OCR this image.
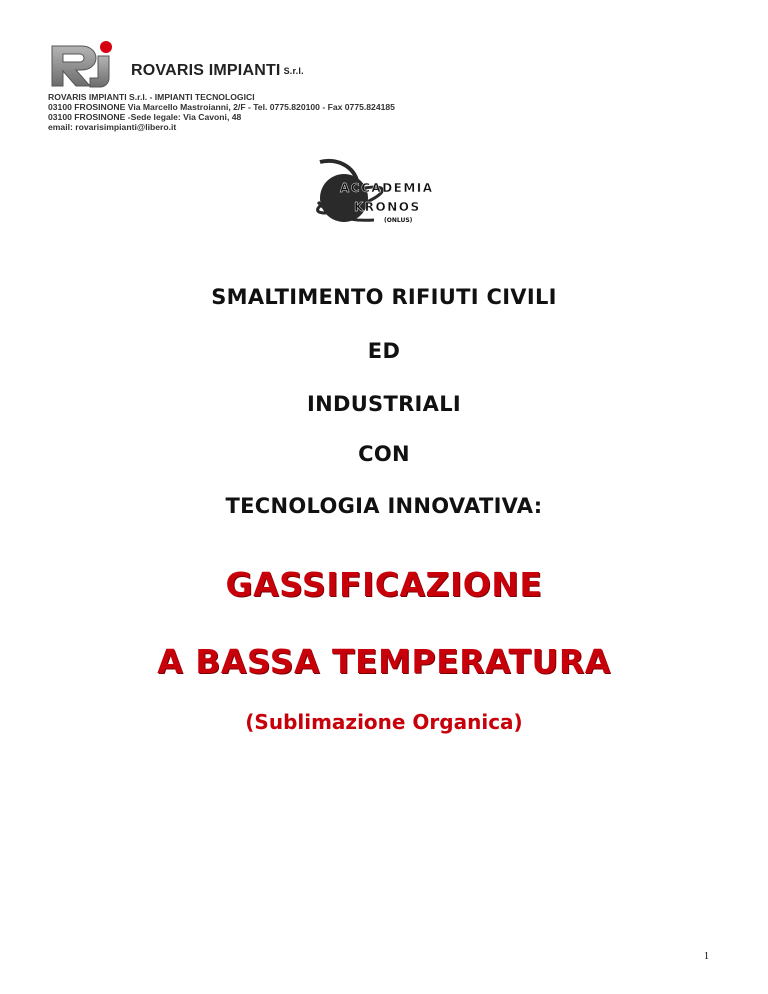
ROVARIS IMPIANTI S.r.l.
ROVARIS IMPIANTI S.r.l. - IMPIANTI TECNOLOGICI
03100 FROSINONE Via Marcello Mastroianni, 2/F - Tel. 0775.820100 - Fax 0775.824185
03100 FROSINONE -Sede legale: Via Cavoni, 48
email: rovarisimpianti@libero.it
ACCADEMIA
KRONOS
(ONLUS)
SMALTIMENTO RIFIUTI CIVILI
ED
INDUSTRIALI
CON
TECNOLOGIA INNOVATIVA:
GASSIFICAZIONE
A BASSA TEMPERATURA
(Sublimazione Organica)
1
